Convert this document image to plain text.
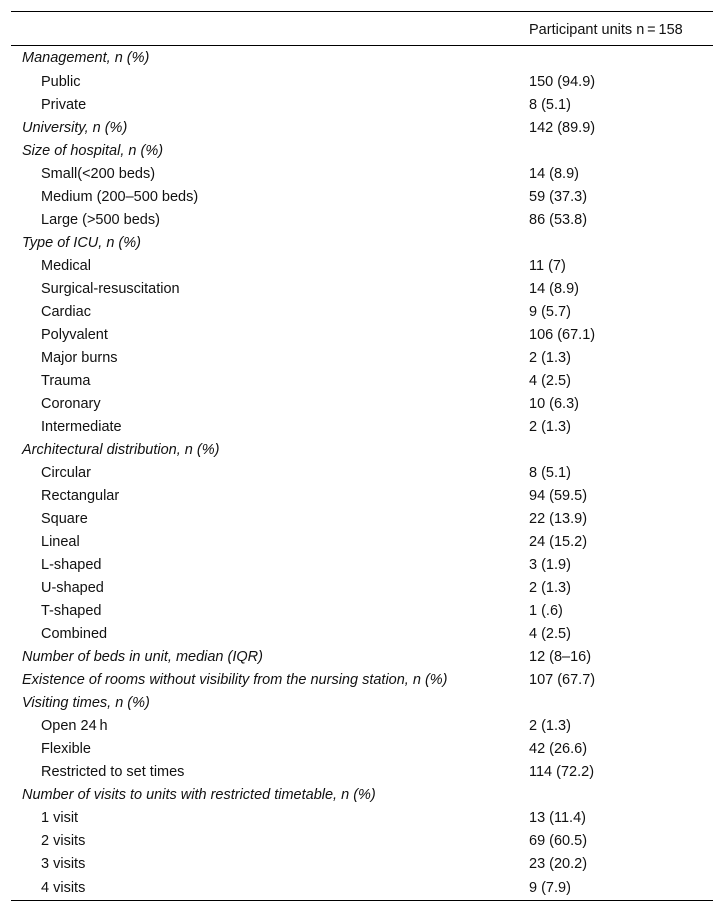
	Participant units n = 158
Management, n (%)	
Public	150 (94.9)
Private	8 (5.1)
University, n (%)	142 (89.9)
Size of hospital, n (%)	
Small(<200 beds)	14 (8.9)
Medium (200–500 beds)	59 (37.3)
Large (>500 beds)	86 (53.8)
Type of ICU, n (%)	
Medical	11 (7)
Surgical-resuscitation	14 (8.9)
Cardiac	9 (5.7)
Polyvalent	106 (67.1)
Major burns	2 (1.3)
Trauma	4 (2.5)
Coronary	10 (6.3)
Intermediate	2 (1.3)
Architectural distribution, n (%)	
Circular	8 (5.1)
Rectangular	94 (59.5)
Square	22 (13.9)
Lineal	24 (15.2)
L-shaped	3 (1.9)
U-shaped	2 (1.3)
T-shaped	1 (.6)
Combined	4 (2.5)
Number of beds in unit, median (IQR)	12 (8–16)
Existence of rooms without visibility from the nursing station, n (%)	107 (67.7)
Visiting times, n (%)	
Open 24 h	2 (1.3)
Flexible	42 (26.6)
Restricted to set times	114 (72.2)
Number of visits to units with restricted timetable, n (%)	
1 visit	13 (11.4)
2 visits	69 (60.5)
3 visits	23 (20.2)
4 visits	9 (7.9)
